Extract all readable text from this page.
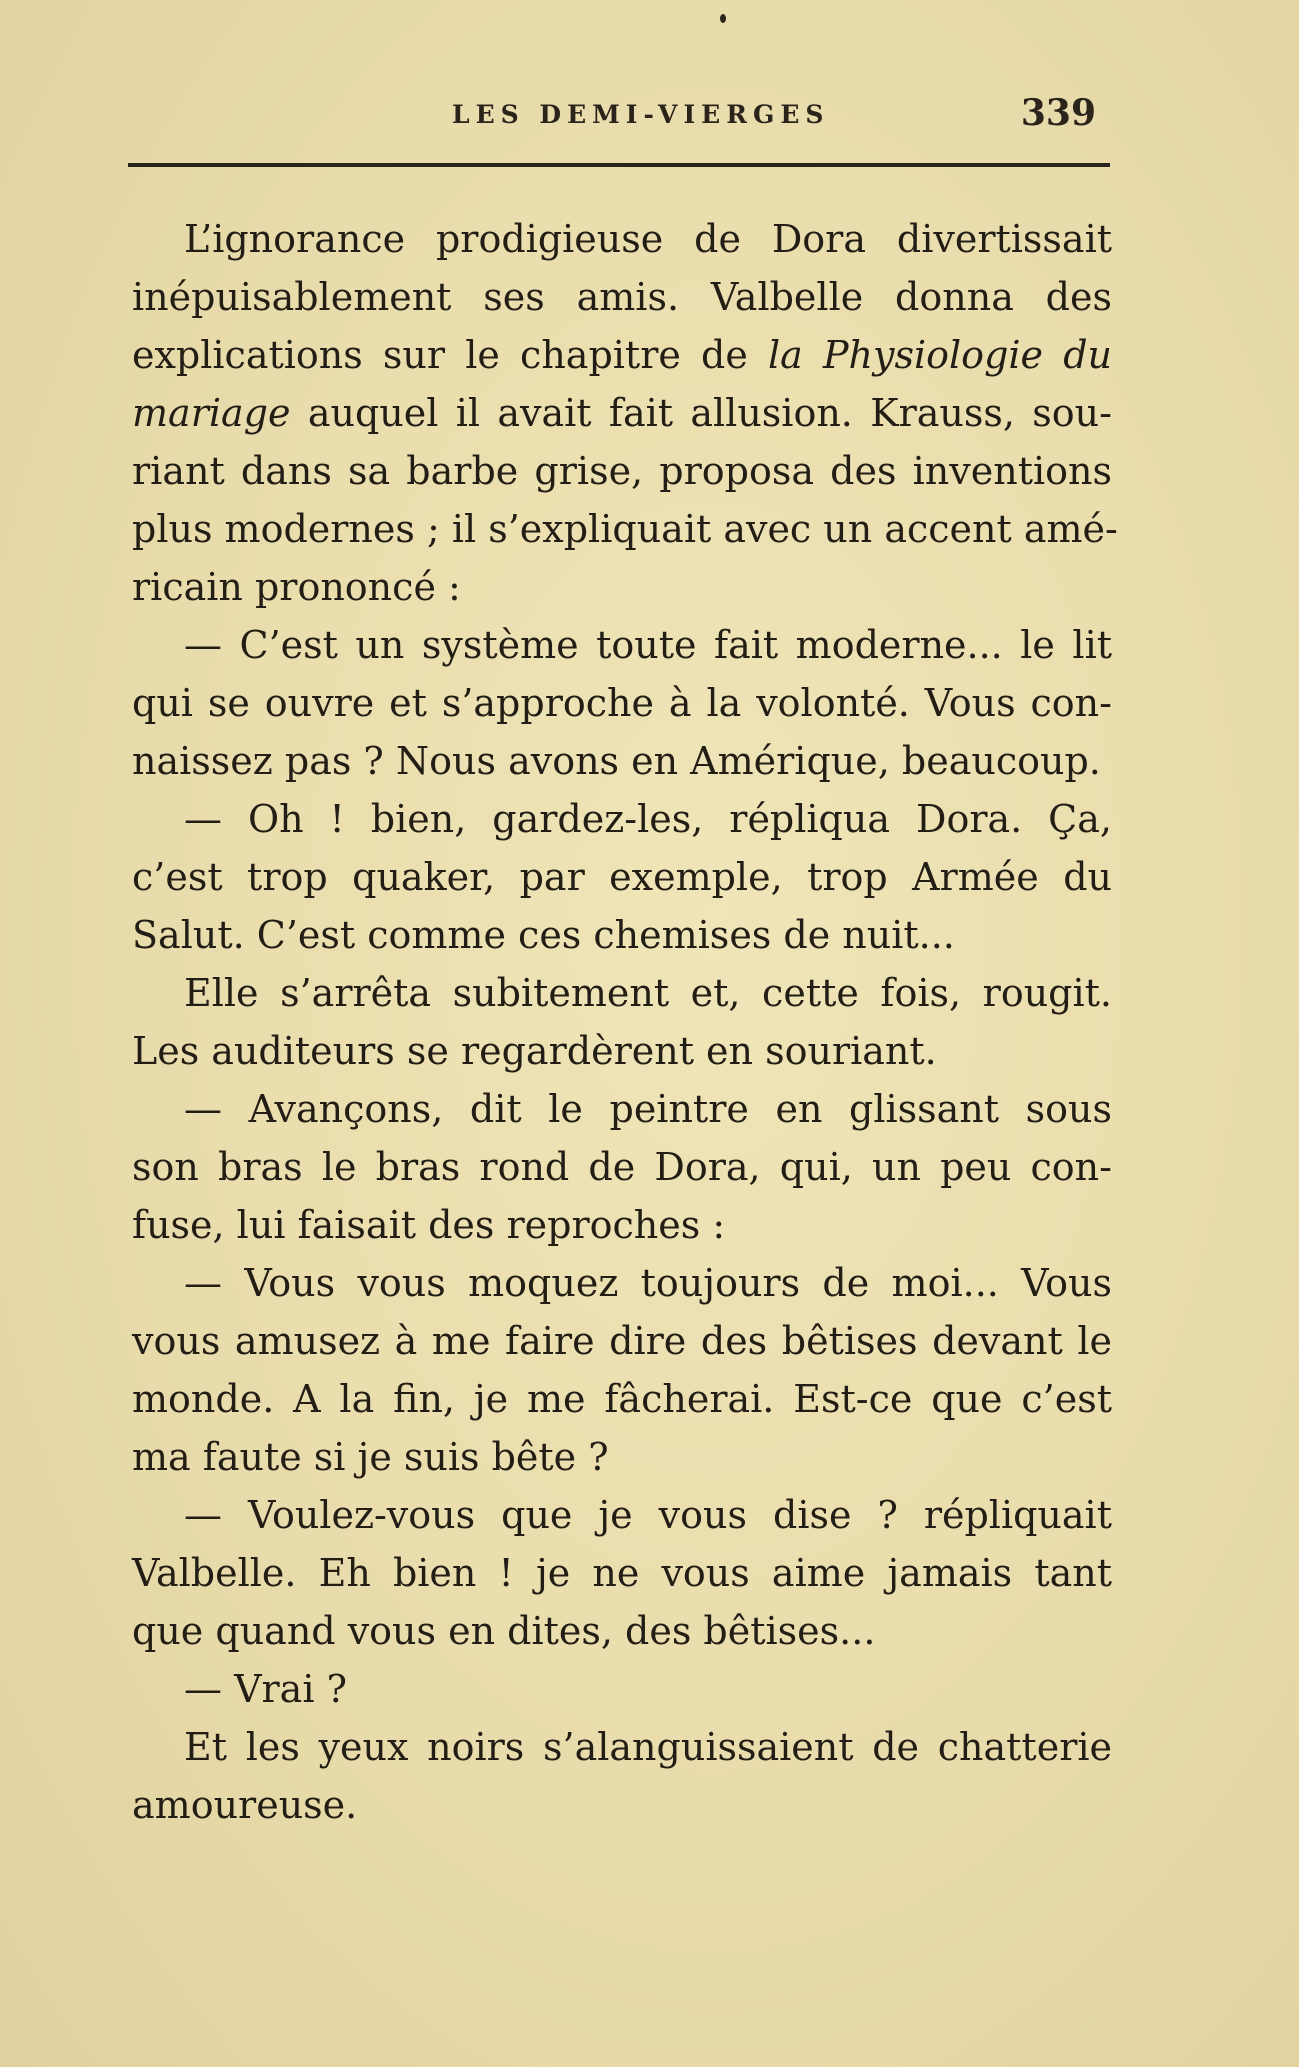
LES DEMI-VIERGES	339
L’ignorance prodigieuse de Dora divertissait
inépuisablement ses amis. Valbelle donna des
explications sur le chapitre de la Physiologie du
mariage auquel il avait fait allusion. Krauss, sou-
riant dans sa barbe grise, proposa des inventions
plus modernes ; il s’expliquait avec un accent amé-
ricain prononcé :
— C’est un système toute fait moderne... le lit
qui se ouvre et s’approche à la volonté. Vous con-
naissez pas ? Nous avons en Amérique, beaucoup.
— Oh ! bien, gardez-les, répliqua Dora. Ça,
c’est trop quaker, par exemple, trop Armée du
Salut. C’est comme ces chemises de nuit...
Elle s’arrêta subitement et, cette fois, rougit.
Les auditeurs se regardèrent en souriant.
— Avançons, dit le peintre en glissant sous
son bras le bras rond de Dora, qui, un peu con-
fuse, lui faisait des reproches :
— Vous vous moquez toujours de moi... Vous
vous amusez à me faire dire des bêtises devant le
monde. A la fin, je me fâcherai. Est-ce que c’est
ma faute si je suis bête ?
— Voulez-vous que je vous dise ? répliquait
Valbelle. Eh bien ! je ne vous aime jamais tant
que quand vous en dites, des bêtises...
— Vrai ?
Et les yeux noirs s’alanguissaient de chatterie
amoureuse.
